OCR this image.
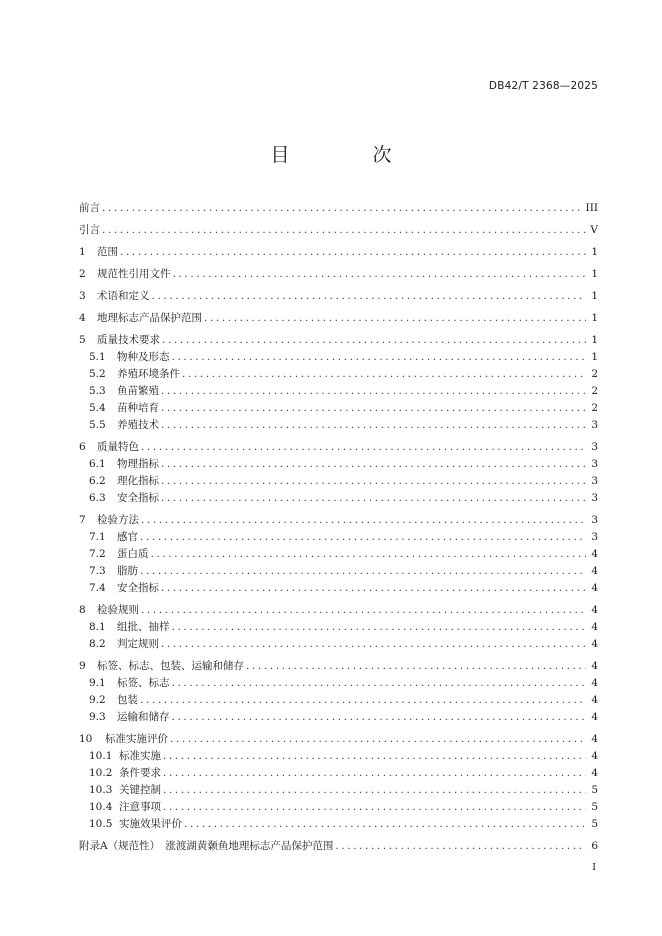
DB42/T 2368—2025
目　次
前言 .....	III
引言 .....	V
1	范围 .....	1
2	规范性引用文件 .....	1
3	术语和定义 .....	1
4	地理标志产品保护范围 .....	1
5	质量技术要求 .....	1
5.1	物种及形态 .....	1
5.2	养殖环境条件 .....	2
5.3	鱼苗繁殖 .....	2
5.4	苗种培育 .....	2
5.5	养殖技术 .....	3
6	质量特色 .....	3
6.1	物理指标 .....	3
6.2	理化指标 .....	3
6.3	安全指标 .....	3
7	检验方法 .....	3
7.1	感官 .....	3
7.2	蛋白质 .....	4
7.3	脂肪 .....	4
7.4	安全指标 .....	4
8	检验规则 .....	4
8.1	组批、抽样 .....	4
8.2	判定规则 .....	4
9	标签、标志、包装、运输和储存 .....	4
9.1	标签、标志 .....	4
9.2	包装 .....	4
9.3	运输和储存 .....	4
10	标准实施评价 .....	4
10.1 标准实施 .....	4
10.2 条件要求 .....	4
10.3 关键控制 .....	5
10.4 注意事项 .....	5
10.5 实施效果评价 .....	5
附录A（规范性）　涨渡湖黄颡鱼地理标志产品保护范围 .....	6
I
